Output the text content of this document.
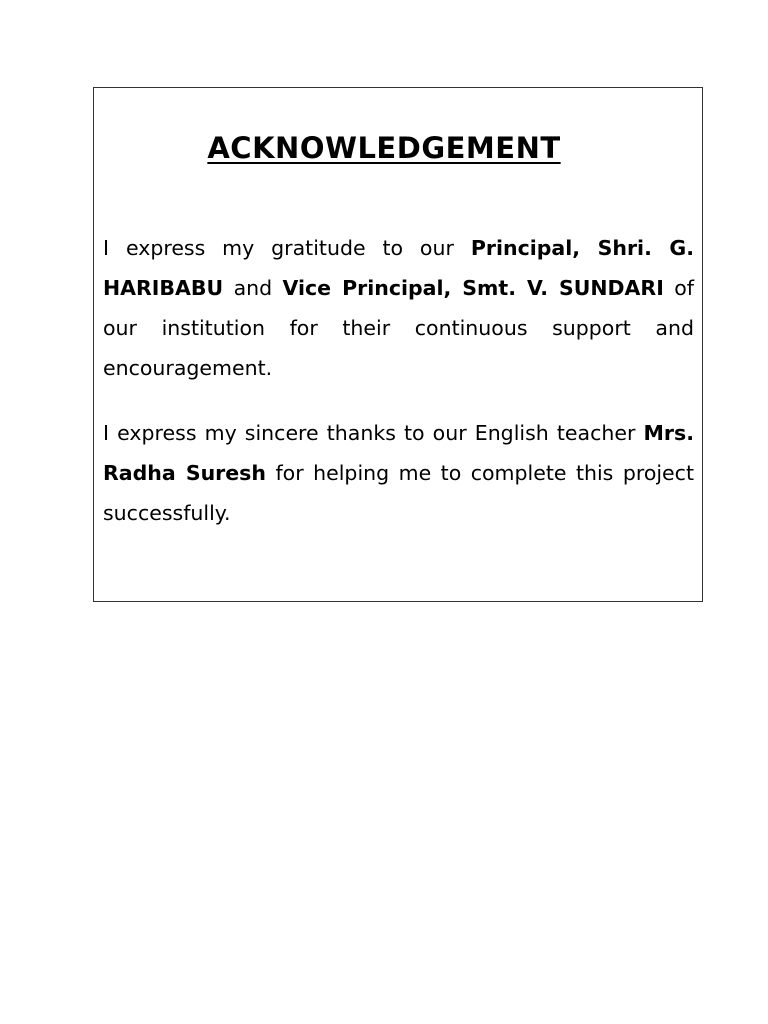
ACKNOWLEDGEMENT

I express my gratitude to our Principal, Shri. G. HARIBABU and Vice Principal, Smt. V. SUNDARI of our institution for their continuous support and encouragement.

I express my sincere thanks to our English teacher Mrs. Radha Suresh for helping me to complete this project successfully.
